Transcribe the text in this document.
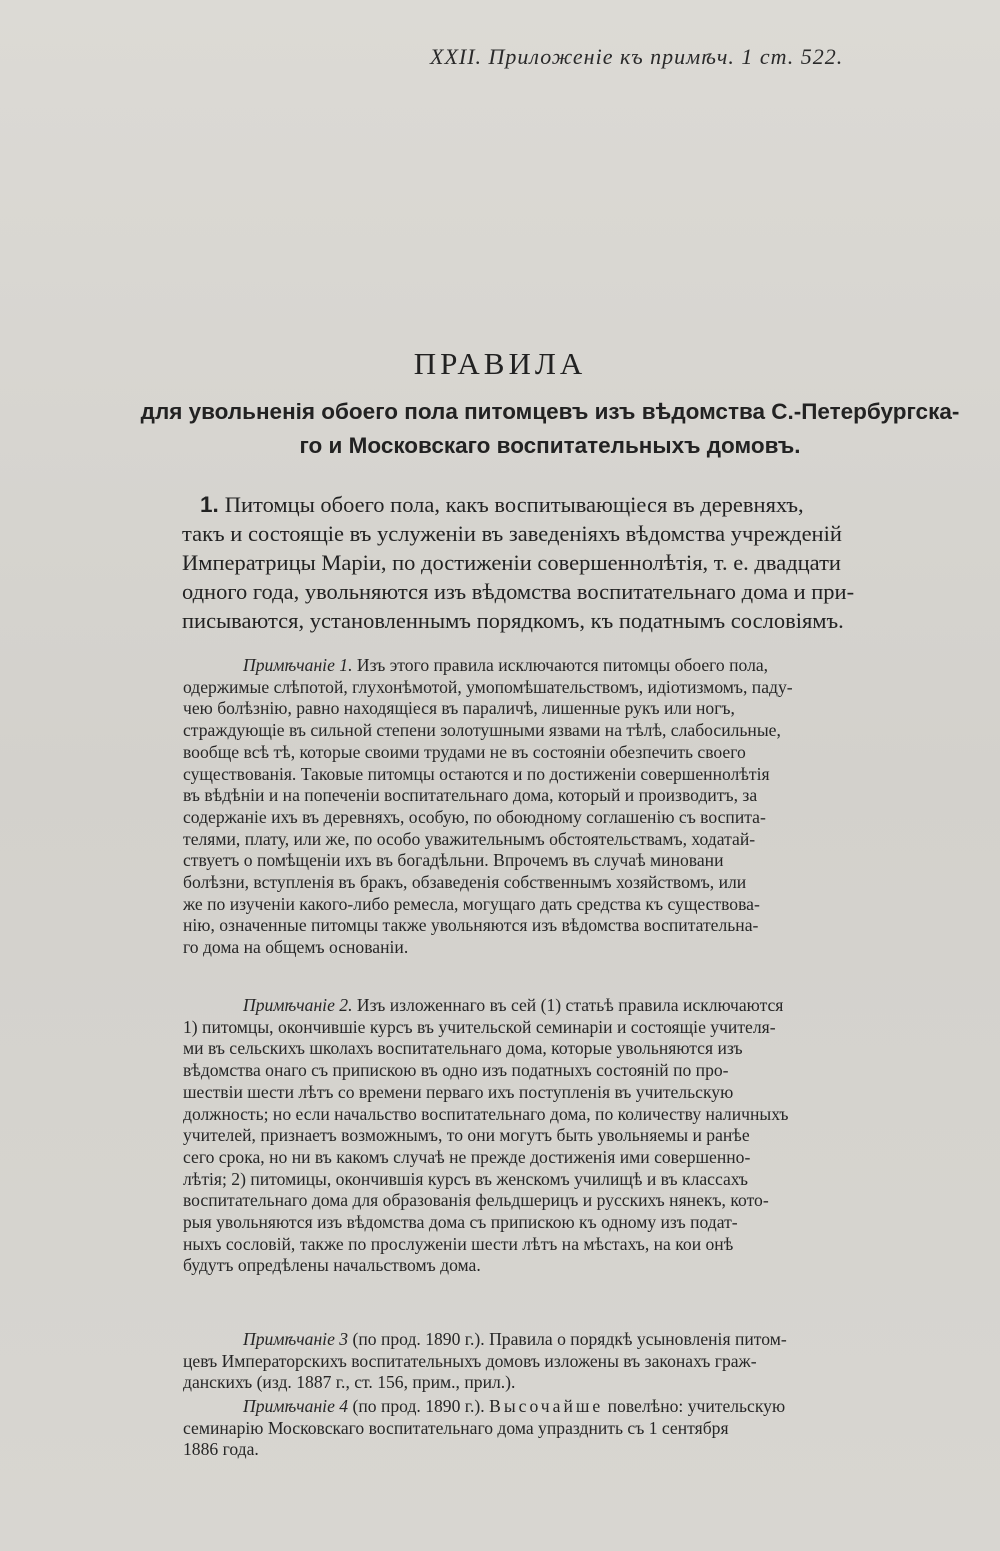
XXII. Приложенiе къ примѣч. 1 ст. 522.
ПРАВИЛА
для увольненiя обоего пола питомцевъ изъ вѣдомства С.-Петербургска-
го и Московскаго воспитательныхъ домовъ.
1. Питомцы обоего пола, какъ воспитывающiеся въ деревняхъ,
такъ и состоящiе въ услуженiи въ заведенiяхъ вѣдомства учрежденiй
Императрицы Марiи, по достиженiи совершеннолѣтiя, т. е. двадцати
одного года, увольняются изъ вѣдомства воспитательнаго дома и при-
писываются, установленнымъ порядкомъ, къ податнымъ сословiямъ.
Примѣчанiе 1. Изъ этого правила исключаются питомцы обоего пола,
одержимые слѣпотой, глухонѣмотой, умопомѣшательствомъ, идiотизмомъ, паду-
чею болѣзнiю, равно находящiеся въ параличѣ, лишенные рукъ или ногъ,
страждующiе въ сильной степени золотушными язвами на тѣлѣ, слабосильные,
вообще всѣ тѣ, которые своими трудами не въ состоянiи обезпечить своего
существованiя. Таковые питомцы остаются и по достиженiи совершеннолѣтiя
въ вѣдѣнiи и на попеченiи воспитательнаго дома, который и производитъ, за
содержанiе ихъ въ деревняхъ, особую, по обоюдному соглашенiю съ воспита-
телями, плату, или же, по особо уважительнымъ обстоятельствамъ, ходатай-
ствуетъ о помѣщенiи ихъ въ богадѣльни. Впрочемъ въ случаѣ миновани
болѣзни, вступленiя въ бракъ, обзаведенiя собственнымъ хозяйствомъ, или
же по изученiи какого-либо ремесла, могущаго дать средства къ существова-
нiю, означенные питомцы также увольняются изъ вѣдомства воспитательна-
го дома на общемъ основанiи.
Примѣчанiе 2. Изъ изложеннаго въ сей (1) статьѣ правила исключаются
1) питомцы, окончившiе курсъ въ учительской семинарiи и состоящiе учителя-
ми въ сельскихъ школахъ воспитательнаго дома, которые увольняются изъ
вѣдомства онаго съ припискою въ одно изъ податныхъ состоянiй по про-
шествiи шести лѣтъ со времени перваго ихъ поступленiя въ учительскую
должность; но если начальство воспитательнаго дома, по количеству наличныхъ
учителей, признаетъ возможнымъ, то они могутъ быть увольняемы и ранѣе
сего срока, но ни въ какомъ случаѣ не прежде достиженiя ими совершенно-
лѣтiя; 2) питомицы, окончившiя курсъ въ женскомъ училищѣ и въ классахъ
воспитательнаго дома для образованiя фельдшерицъ и русскихъ нянекъ, кото-
рыя увольняются изъ вѣдомства дома съ припискою къ одному изъ подат-
ныхъ сословiй, также по прослуженiи шести лѣтъ на мѣстахъ, на кои онѣ
будутъ опредѣлены начальствомъ дома.
Примѣчанiе 3 (по прод. 1890 г.). Правила о порядкѣ усыновленiя питом-
цевъ Императорскихъ воспитательныхъ домовъ изложены въ законахъ граж-
данскихъ (изд. 1887 г., ст. 156, прим., прил.).
Примѣчанiе 4 (по прод. 1890 г.). Высочайше повелѣно: учительскую
семинарiю Московскаго воспитательнаго дома упразднить съ 1 сентября
1886 года.
